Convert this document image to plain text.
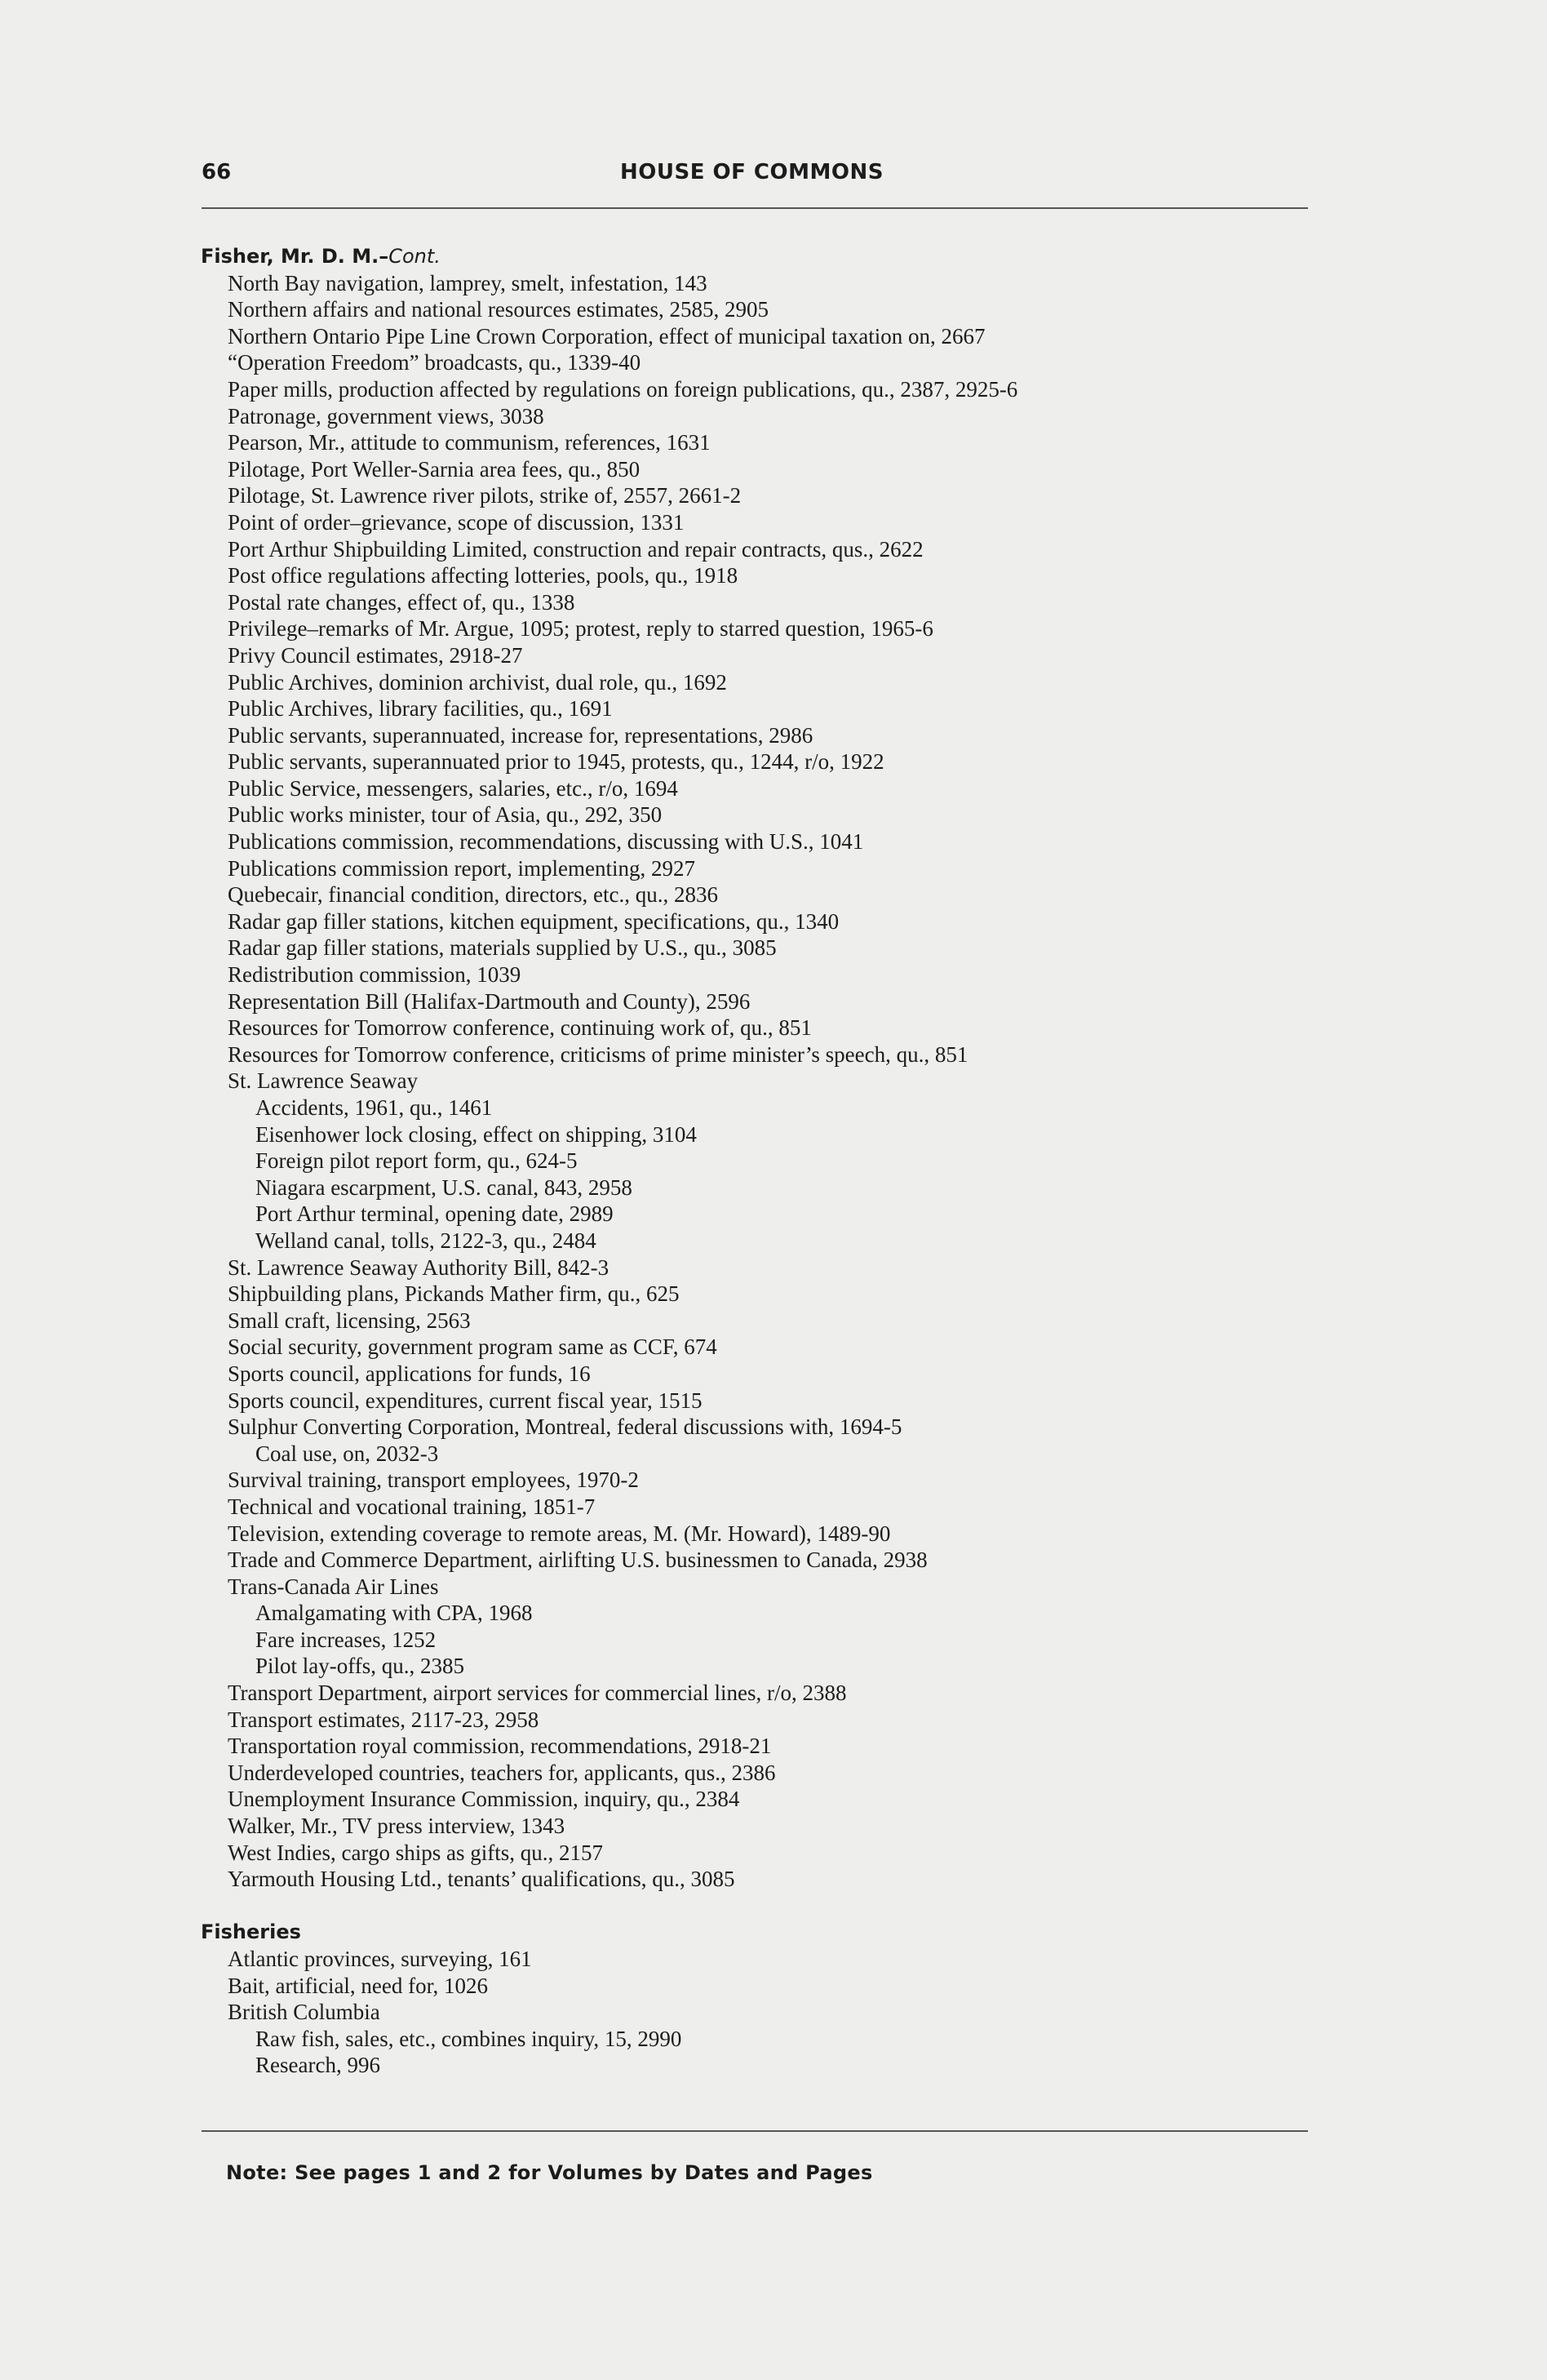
66	HOUSE OF COMMONS
Fisher, Mr. D. M.–Cont.
North Bay navigation, lamprey, smelt, infestation, 143
Northern affairs and national resources estimates, 2585, 2905
Northern Ontario Pipe Line Crown Corporation, effect of municipal taxation on, 2667
“Operation Freedom” broadcasts, qu., 1339-40
Paper mills, production affected by regulations on foreign publications, qu., 2387, 2925-6
Patronage, government views, 3038
Pearson, Mr., attitude to communism, references, 1631
Pilotage, Port Weller-Sarnia area fees, qu., 850
Pilotage, St. Lawrence river pilots, strike of, 2557, 2661-2
Point of order–grievance, scope of discussion, 1331
Port Arthur Shipbuilding Limited, construction and repair contracts, qus., 2622
Post office regulations affecting lotteries, pools, qu., 1918
Postal rate changes, effect of, qu., 1338
Privilege–remarks of Mr. Argue, 1095; protest, reply to starred question, 1965-6
Privy Council estimates, 2918-27
Public Archives, dominion archivist, dual role, qu., 1692
Public Archives, library facilities, qu., 1691
Public servants, superannuated, increase for, representations, 2986
Public servants, superannuated prior to 1945, protests, qu., 1244, r/o, 1922
Public Service, messengers, salaries, etc., r/o, 1694
Public works minister, tour of Asia, qu., 292, 350
Publications commission, recommendations, discussing with U.S., 1041
Publications commission report, implementing, 2927
Quebecair, financial condition, directors, etc., qu., 2836
Radar gap filler stations, kitchen equipment, specifications, qu., 1340
Radar gap filler stations, materials supplied by U.S., qu., 3085
Redistribution commission, 1039
Representation Bill (Halifax-Dartmouth and County), 2596
Resources for Tomorrow conference, continuing work of, qu., 851
Resources for Tomorrow conference, criticisms of prime minister’s speech, qu., 851
St. Lawrence Seaway
Accidents, 1961, qu., 1461
Eisenhower lock closing, effect on shipping, 3104
Foreign pilot report form, qu., 624-5
Niagara escarpment, U.S. canal, 843, 2958
Port Arthur terminal, opening date, 2989
Welland canal, tolls, 2122-3, qu., 2484
St. Lawrence Seaway Authority Bill, 842-3
Shipbuilding plans, Pickands Mather firm, qu., 625
Small craft, licensing, 2563
Social security, government program same as CCF, 674
Sports council, applications for funds, 16
Sports council, expenditures, current fiscal year, 1515
Sulphur Converting Corporation, Montreal, federal discussions with, 1694-5
Coal use, on, 2032-3
Survival training, transport employees, 1970-2
Technical and vocational training, 1851-7
Television, extending coverage to remote areas, M. (Mr. Howard), 1489-90
Trade and Commerce Department, airlifting U.S. businessmen to Canada, 2938
Trans-Canada Air Lines
Amalgamating with CPA, 1968
Fare increases, 1252
Pilot lay-offs, qu., 2385
Transport Department, airport services for commercial lines, r/o, 2388
Transport estimates, 2117-23, 2958
Transportation royal commission, recommendations, 2918-21
Underdeveloped countries, teachers for, applicants, qus., 2386
Unemployment Insurance Commission, inquiry, qu., 2384
Walker, Mr., TV press interview, 1343
West Indies, cargo ships as gifts, qu., 2157
Yarmouth Housing Ltd., tenants’ qualifications, qu., 3085
Fisheries
Atlantic provinces, surveying, 161
Bait, artificial, need for, 1026
British Columbia
Raw fish, sales, etc., combines inquiry, 15, 2990
Research, 996
Note: See pages 1 and 2 for Volumes by Dates and Pages
